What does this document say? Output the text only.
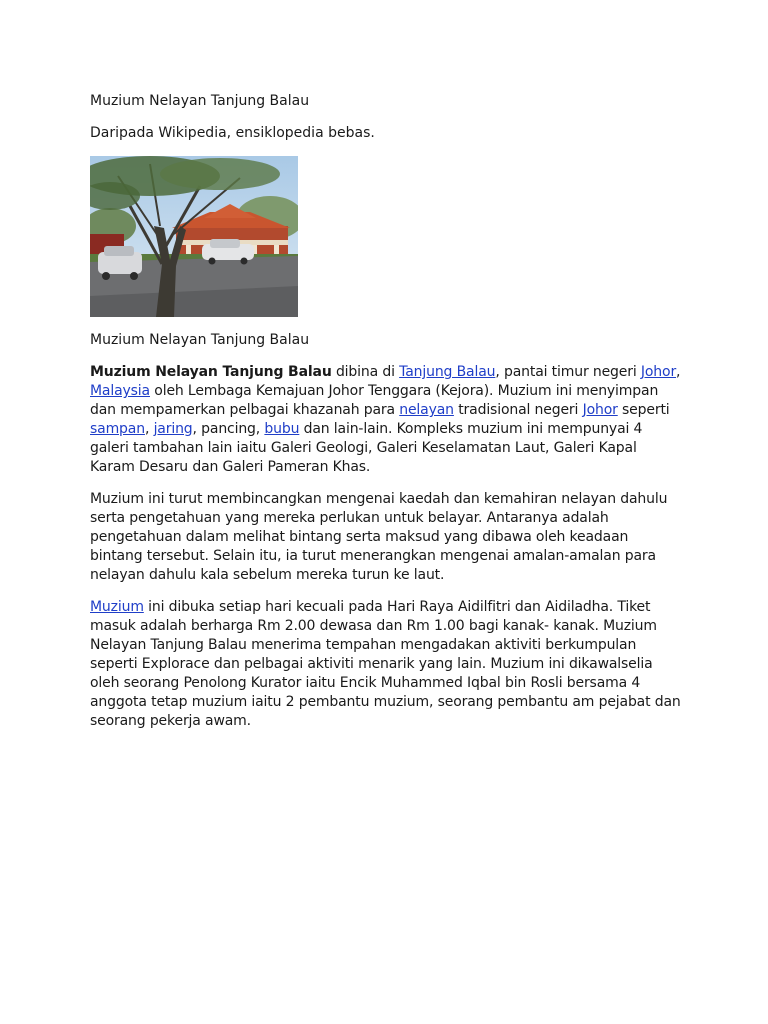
Muzium Nelayan Tanjung Balau

Daripada Wikipedia, ensiklopedia bebas.

Muzium Nelayan Tanjung Balau

Muzium Nelayan Tanjung Balau dibina di Tanjung Balau, pantai timur negeri Johor, Malaysia oleh Lembaga Kemajuan Johor Tenggara (Kejora). Muzium ini menyimpan dan mempamerkan pelbagai khazanah para nelayan tradisional negeri Johor seperti sampan, jaring, pancing, bubu dan lain-lain. Kompleks muzium ini mempunyai 4 galeri tambahan lain iaitu Galeri Geologi, Galeri Keselamatan Laut, Galeri Kapal Karam Desaru dan Galeri Pameran Khas.

Muzium ini turut membincangkan mengenai kaedah dan kemahiran nelayan dahulu serta pengetahuan yang mereka perlukan untuk belayar. Antaranya adalah pengetahuan dalam melihat bintang serta maksud yang dibawa oleh keadaan bintang tersebut. Selain itu, ia turut menerangkan mengenai amalan-amalan para nelayan dahulu kala sebelum mereka turun ke laut.

Muzium ini dibuka setiap hari kecuali pada Hari Raya Aidilfitri dan Aidiladha. Tiket masuk adalah berharga Rm 2.00 dewasa dan Rm 1.00 bagi kanak- kanak. Muzium Nelayan Tanjung Balau menerima tempahan mengadakan aktiviti berkumpulan seperti Explorace dan pelbagai aktiviti menarik yang lain. Muzium ini dikawalselia oleh seorang Penolong Kurator iaitu Encik Muhammed Iqbal bin Rosli bersama 4 anggota tetap muzium iaitu 2 pembantu muzium, seorang pembantu am pejabat dan seorang pekerja awam.
